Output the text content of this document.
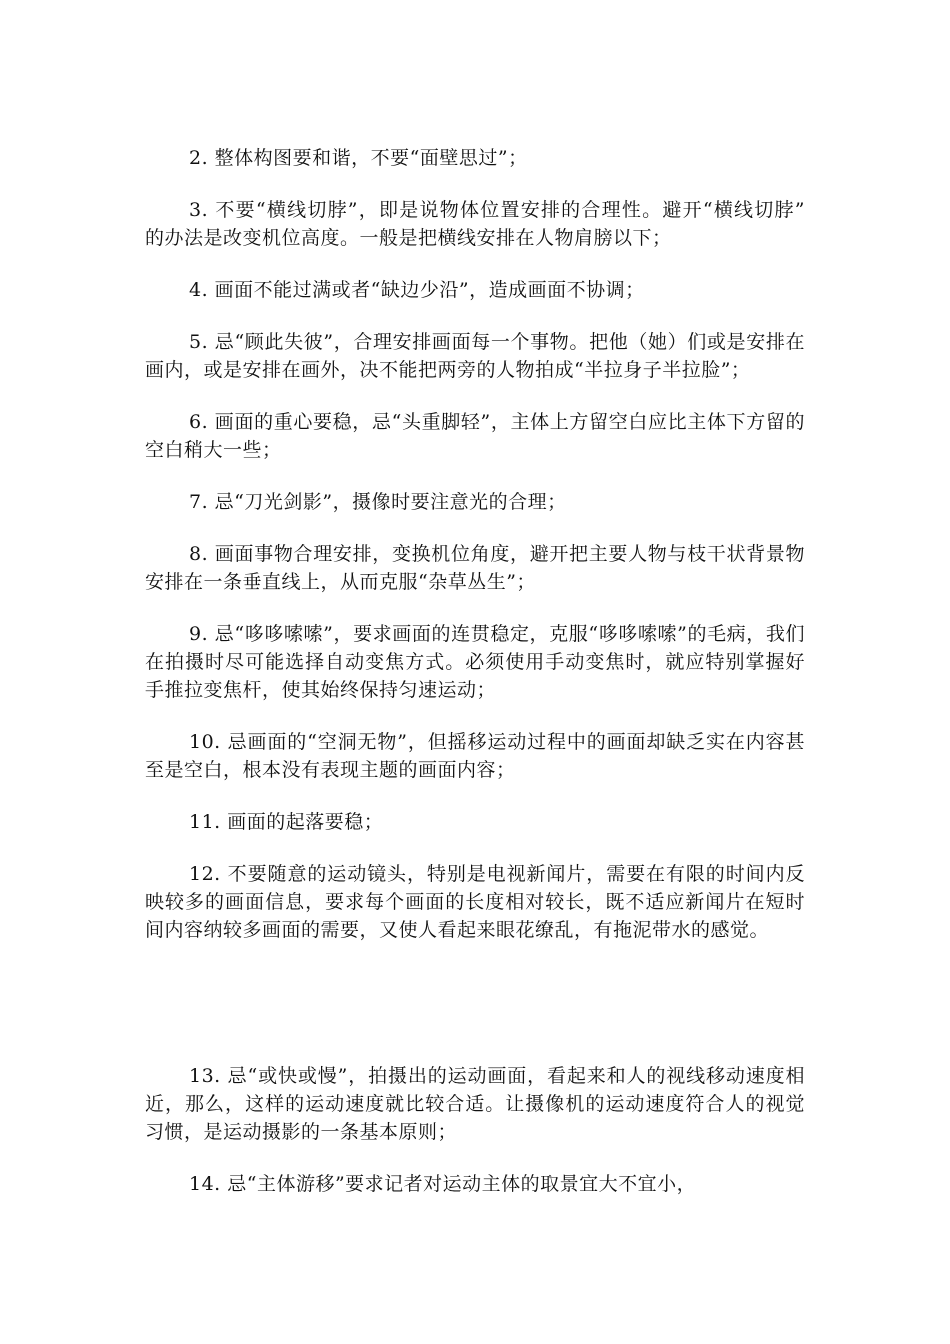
2. 整体构图要和谐，不要“面壁思过”；

3. 不要“横线切脖”，即是说物体位置安排的合理性。避开“横线切脖” 的办法是改变机位高度。一般是把横线安排在人物肩膀以下；

4. 画面不能过满或者“缺边少沿”，造成画面不协调；

5. 忌“顾此失彼”，合理安排画面每一个事物。把他（她）们或是安排在画内，或是安排在画外，决不能把两旁的人物拍成“半拉身子半拉脸”；

6. 画面的重心要稳，忌“头重脚轻”，主体上方留空白应比主体下方留的空白稍大一些；

7. 忌“刀光剑影”，摄像时要注意光的合理；

8. 画面事物合理安排，变换机位角度，避开把主要人物与枝干状背景物安排在一条垂直线上，从而克服“杂草丛生”；

9. 忌“哆哆嗦嗦”，要求画面的连贯稳定，克服“哆哆嗦嗦”的毛病，我们在拍摄时尽可能选择自动变焦方式。必须使用手动变焦时，就应特别掌握好手推拉变焦杆，使其始终保持匀速运动；

10. 忌画面的“空洞无物”，但摇移运动过程中的画面却缺乏实在内容甚至是空白，根本没有表现主题的画面内容；

11. 画面的起落要稳；

12. 不要随意的运动镜头，特别是电视新闻片，需要在有限的时间内反映较多的画面信息，要求每个画面的长度相对较长，既不适应新闻片在短时间内容纳较多画面的需要，又使人看起来眼花缭乱，有拖泥带水的感觉。

13. 忌“或快或慢”，拍摄出的运动画面，看起来和人的视线移动速度相近，那么，这样的运动速度就比较合适。让摄像机的运动速度符合人的视觉习惯，是运动摄影的一条基本原则；

14. 忌“主体游移”要求记者对运动主体的取景宜大不宜小，
